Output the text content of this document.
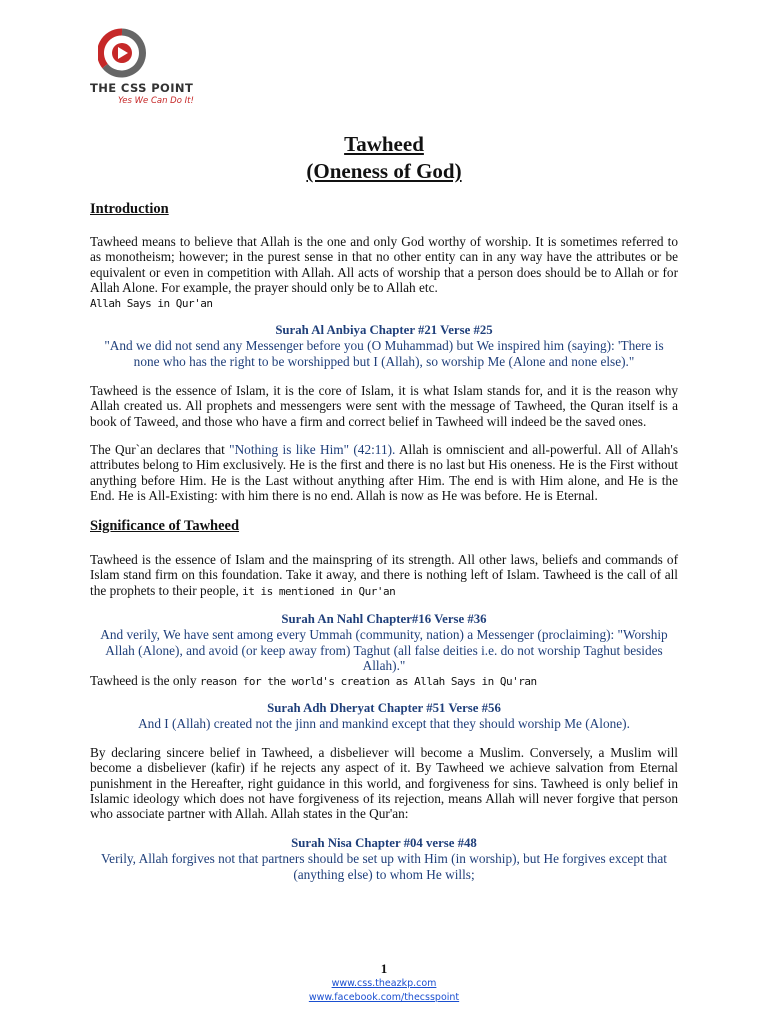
THE CSS POINT
Yes We Can Do It!
Tawheed
(Oneness of God)
Introduction
Tawheed means to believe that Allah is the one and only God worthy of worship. It is sometimes referred to as monotheism; however; in the purest sense in that no other entity can in any way have the attributes or be equivalent or even in competition with Allah. All acts of worship that a person does should be to Allah or for Allah Alone. For example, the prayer should only be to Allah etc.
Allah Says in Qur'an
Surah Al Anbiya Chapter #21 Verse #25
"And we did not send any Messenger before you (O Muhammad) but We inspired him (saying): 'There is none who has the right to be worshipped but I (Allah), so worship Me (Alone and none else)."
Tawheed is the essence of Islam, it is the core of Islam, it is what Islam stands for, and it is the reason why Allah created us. All prophets and messengers were sent with the message of Tawheed, the Quran itself is a book of Taweed, and those who have a firm and correct belief in Tawheed will indeed be the saved ones.
The Qur`an declares that "Nothing is like Him" (42:11). Allah is omniscient and all-powerful. All of Allah's attributes belong to Him exclusively. He is the first and there is no last but His oneness. He is the First without anything before Him. He is the Last without anything after Him. The end is with Him alone, and He is the End. He is All-Existing: with him there is no end. Allah is now as He was before. He is Eternal.
Significance of Tawheed
Tawheed is the essence of Islam and the mainspring of its strength. All other laws, beliefs and commands of Islam stand firm on this foundation. Take it away, and there is nothing left of Islam. Tawheed is the call of all the prophets to their people, it is mentioned in Qur'an
Surah An Nahl Chapter#16 Verse #36
And verily, We have sent among every Ummah (community, nation) a Messenger (proclaiming): "Worship Allah (Alone), and avoid (or keep away from) Taghut (all false deities i.e. do not worship Taghut besides Allah)."
Tawheed is the only reason for the world's creation as Allah Says in Qu'ran
Surah Adh Dheryat Chapter #51 Verse #56
And I (Allah) created not the jinn and mankind except that they should worship Me (Alone).
By declaring sincere belief in Tawheed, a disbeliever will become a Muslim. Conversely, a Muslim will become a disbeliever (kafir) if he rejects any aspect of it. By Tawheed we achieve salvation from Eternal punishment in the Hereafter, right guidance in this world, and forgiveness for sins. Tawheed is only belief in Islamic ideology which does not have forgiveness of its rejection, means Allah will never forgive that person who associate partner with Allah. Allah states in the Qur'an:
Surah Nisa Chapter #04 verse #48
Verily, Allah forgives not that partners should be set up with Him (in worship), but He forgives except that (anything else) to whom He wills;
1
www.css.theazkp.com
www.facebook.com/thecsspoint
